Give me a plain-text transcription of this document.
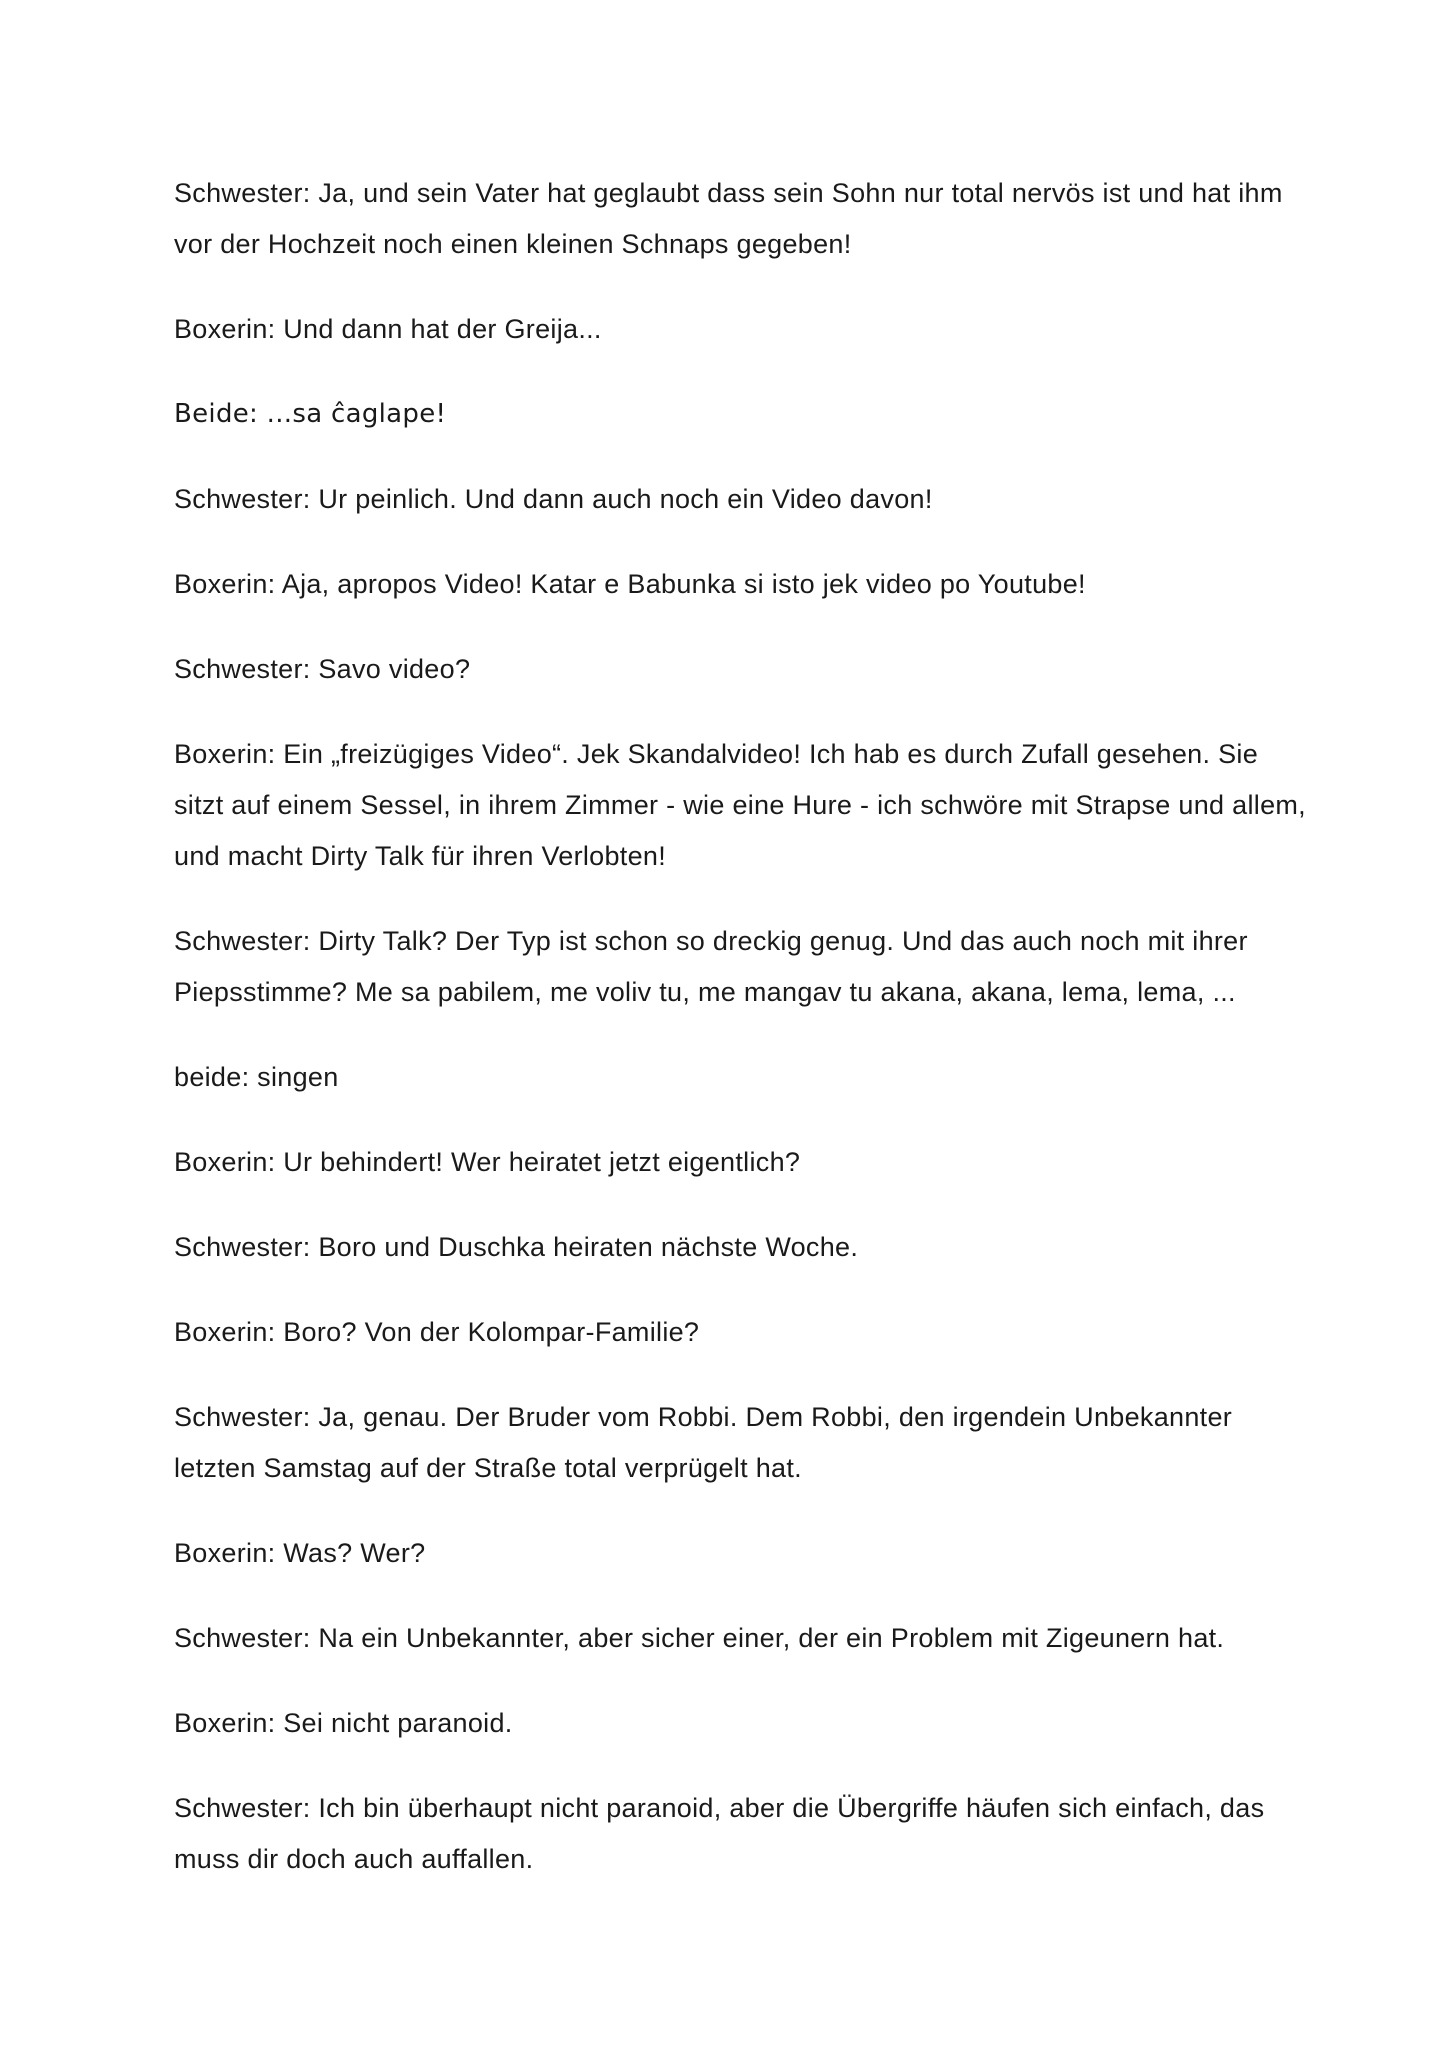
Schwester: Ja, und sein Vater hat geglaubt dass sein Sohn nur total nervös ist und hat ihm vor der Hochzeit noch einen kleinen Schnaps gegeben!

Boxerin: Und dann hat der Greija...

Beide: ...sa ĉaglape!

Schwester: Ur peinlich. Und dann auch noch ein Video davon!

Boxerin: Aja, apropos Video! Katar e Babunka si isto jek video po Youtube!

Schwester: Savo video?

Boxerin: Ein „freizügiges Video“. Jek Skandalvideo! Ich hab es durch Zufall gesehen. Sie sitzt auf einem Sessel, in ihrem Zimmer - wie eine Hure - ich schwöre mit Strapse und allem, und macht Dirty Talk für ihren Verlobten!

Schwester: Dirty Talk? Der Typ ist schon so dreckig genug. Und das auch noch mit ihrer Piepsstimme? Me sa pabilem, me voliv tu, me mangav tu akana, akana, lema, lema, ...

beide: singen

Boxerin: Ur behindert! Wer heiratet jetzt eigentlich?

Schwester: Boro und Duschka heiraten nächste Woche.

Boxerin: Boro? Von der Kolompar-Familie?

Schwester: Ja, genau. Der Bruder vom Robbi. Dem Robbi, den irgendein Unbekannter letzten Samstag auf der Straße total verprügelt hat.

Boxerin: Was? Wer?

Schwester: Na ein Unbekannter, aber sicher einer, der ein Problem mit Zigeunern hat.

Boxerin: Sei nicht paranoid.

Schwester: Ich bin überhaupt nicht paranoid, aber die Übergriffe häufen sich einfach, das muss dir doch auch auffallen.
